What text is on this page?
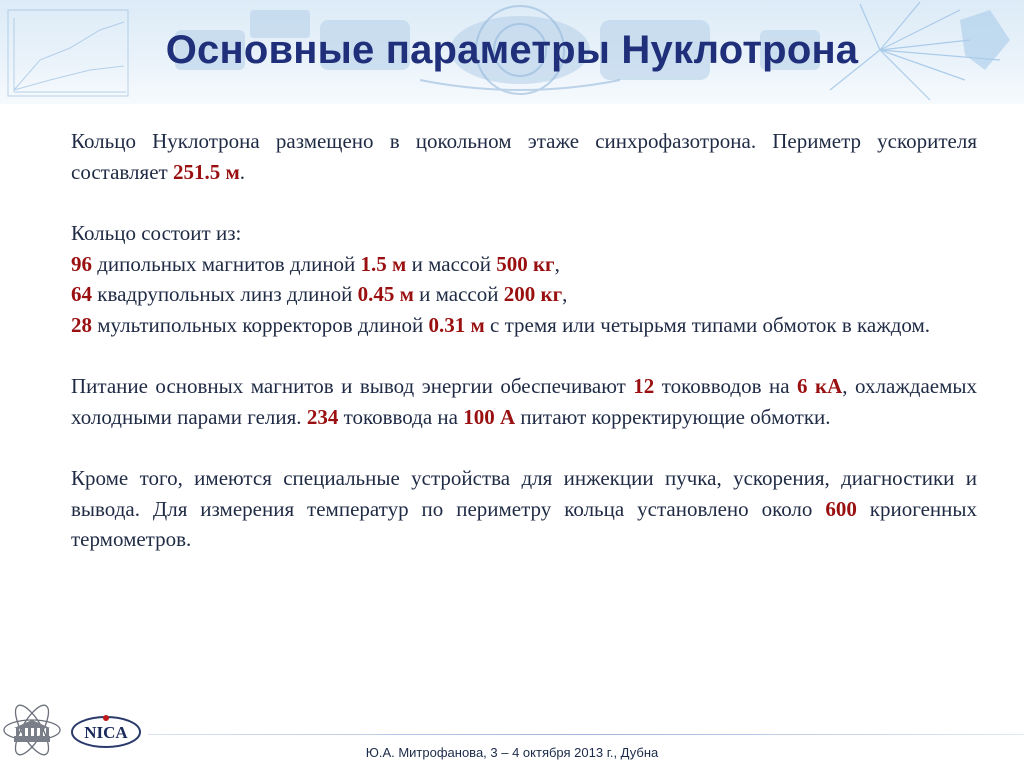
Основные параметры Нуклотрона

Кольцо Нуклотрона размещено в цокольном этаже синхрофазотрона. Периметр ускорителя составляет 251.5 м.

Кольцо состоит из:

96 дипольных магнитов длиной 1.5 м и массой 500 кг,

64 квадрупольных линз длиной 0.45 м и массой 200 кг,

28 мультипольных корректоров длиной 0.31 м с тремя или четырьмя типами обмоток в каждом.

Питание основных магнитов и вывод энергии обеспечивают 12 токовводов на 6 кА, охлаждаемых холодными парами гелия. 234 токоввода на 100 А питают корректирующие обмотки.

Кроме того, имеются специальные устройства для инжекции пучка, ускорения, диагностики и вывода. Для измерения температур по периметру кольца установлено около 600 криогенных термометров.

NICA
Ю.А. Митрофанова, 3 – 4 октября 2013 г., Дубна
